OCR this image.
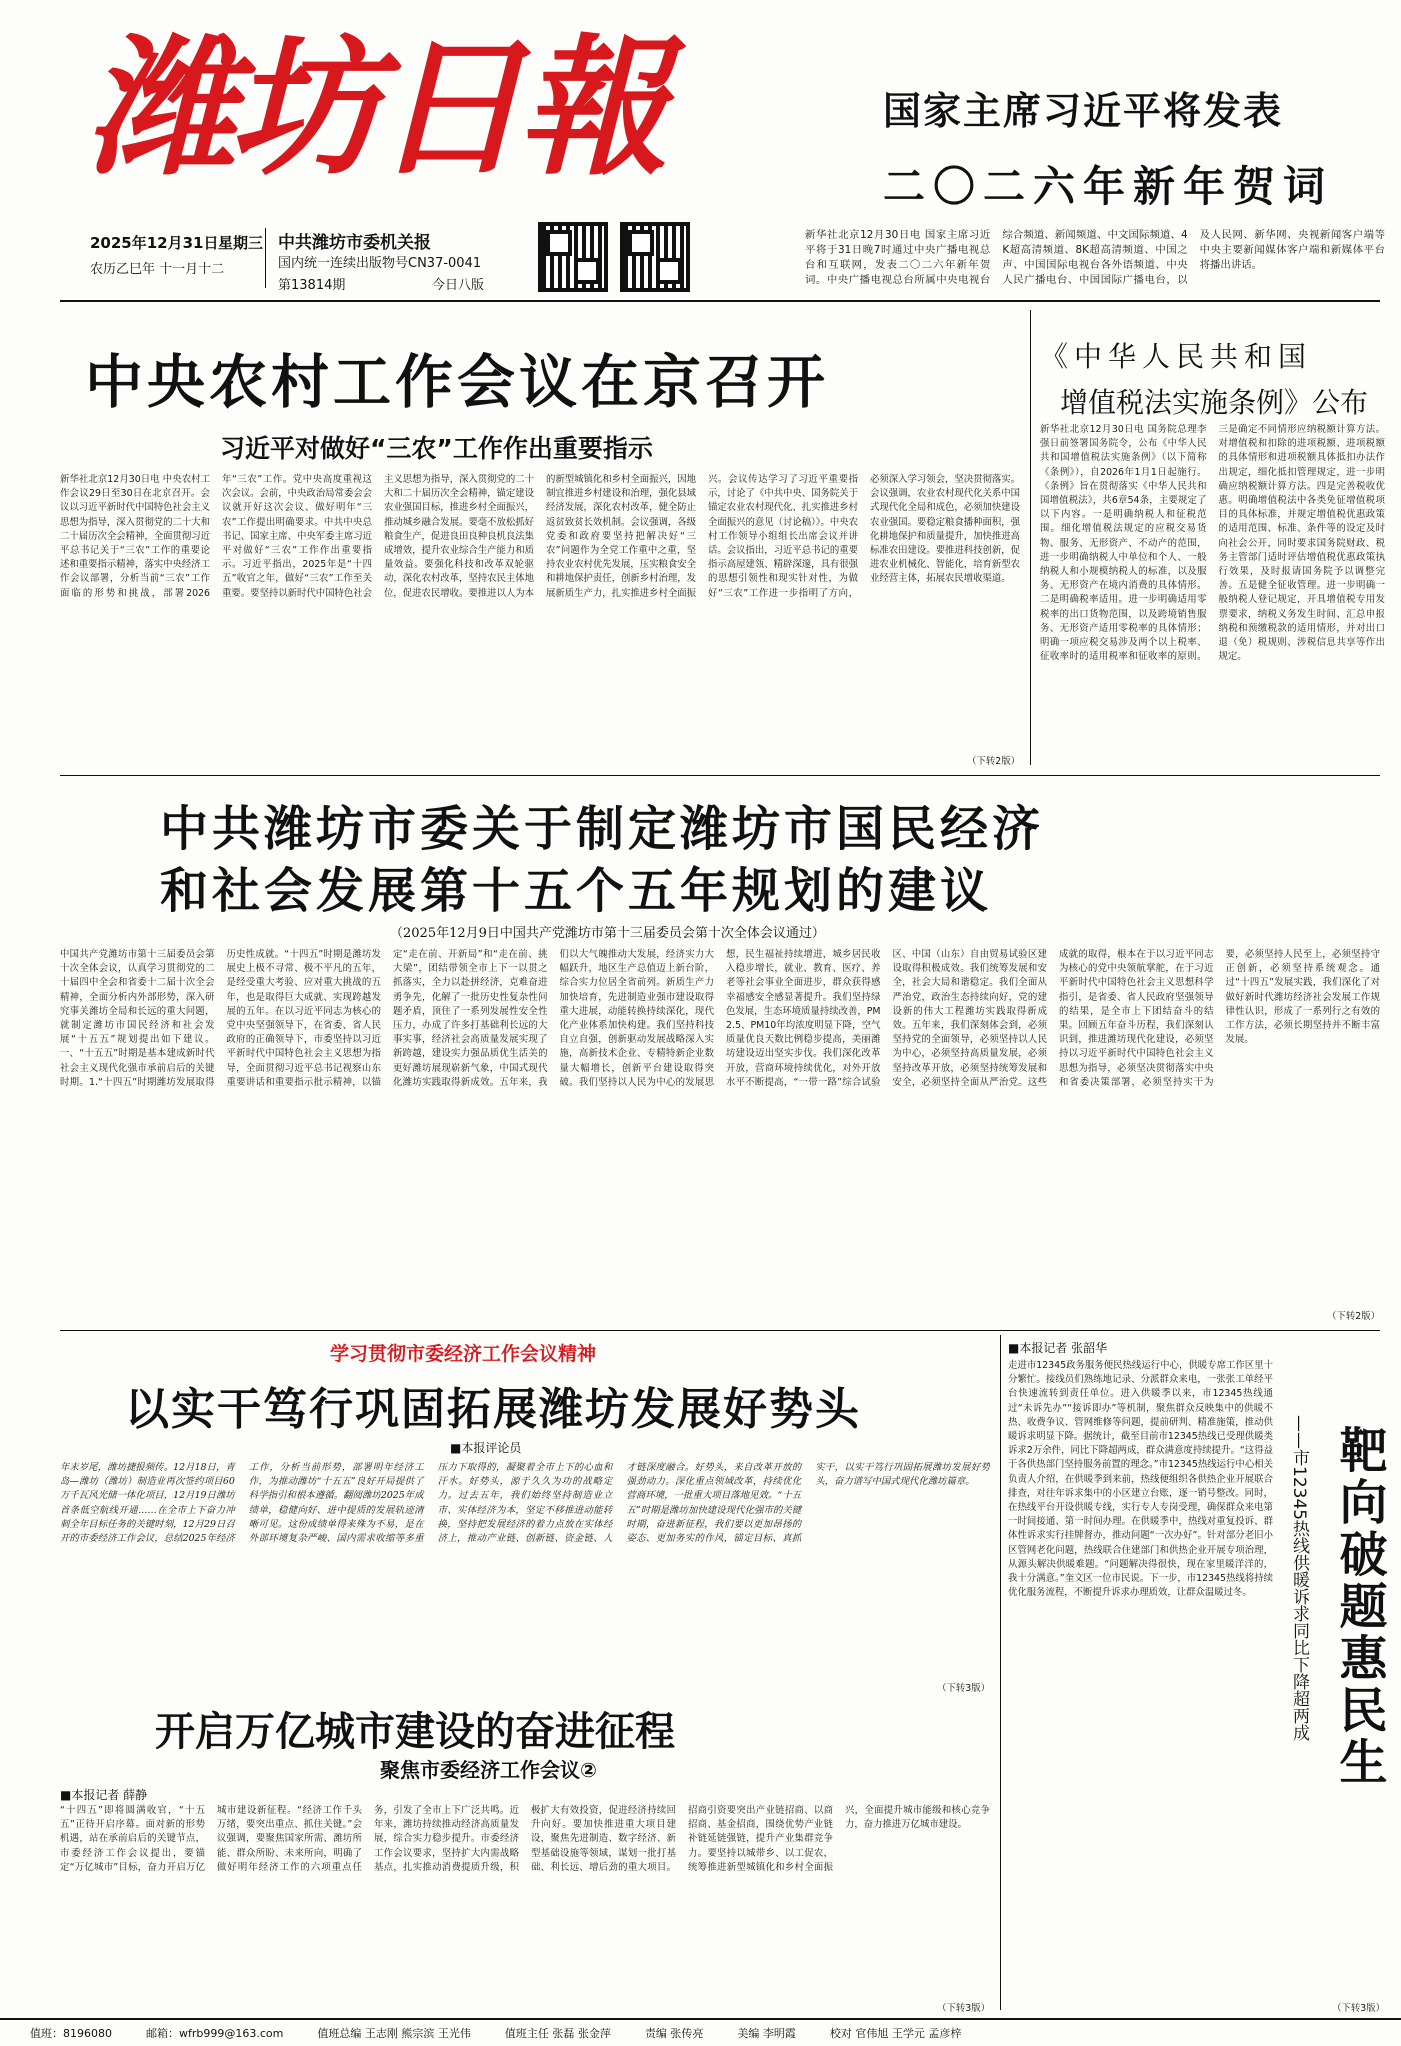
潍坊日報
2025年12月31日 星期三
农历乙巳年 十一月十二
中共潍坊市委机关报
国内统一连续出版物号CN37-0041
第13814期	今日八版
国家主席习近平将发表
二〇二六年新年贺词
新华社北京12月30日电 国家主席习近平将于31日晚7时通过中央广播电视总台和互联网，发表二〇二六年新年贺词。中央广播电视总台所属中央电视台综合频道、新闻频道、中文国际频道、4K超高清频道、8K超高清频道、中国之声、中国国际电视台各外语频道、中央人民广播电台、中国国际广播电台，以及人民网、新华网、央视新闻客户端等中央主要新闻媒体客户端和新媒体平台将播出讲话。
中央农村工作会议在京召开
习近平对做好“三农”工作作出重要指示
新华社北京12月30日电 中央农村工作会议29日至30日在北京召开。会议以习近平新时代中国特色社会主义思想为指导，深入贯彻党的二十大和二十届历次全会精神，全面贯彻习近平总书记关于“三农”工作的重要论述和重要指示精神，落实中央经济工作会议部署，分析当前“三农”工作面临的形势和挑战，部署2026年“三农”工作。党中央高度重视这次会议。会前，中央政治局常委会会议就开好这次会议、做好明年“三农”工作提出明确要求。中共中央总书记、国家主席、中央军委主席习近平对做好“三农”工作作出重要指示。习近平指出，2025年是“十四五”收官之年，做好“三农”工作至关重要。要坚持以新时代中国特色社会主义思想为指导，深入贯彻党的二十大和二十届历次全会精神，锚定建设农业强国目标，推进乡村全面振兴，推动城乡融合发展。要毫不放松抓好粮食生产，促进良田良种良机良法集成增效，提升农业综合生产能力和质量效益。要强化科技和改革双轮驱动，深化农村改革，坚持农民主体地位，促进农民增收。要推进以人为本的新型城镇化和乡村全面振兴，因地制宜推进乡村建设和治理，强化县域经济发展，深化农村改革，健全防止返贫致贫长效机制。会议强调，各级党委和政府要坚持把解决好“三农”问题作为全党工作重中之重，坚持农业农村优先发展，压实粮食安全和耕地保护责任，创新乡村治理，发展新质生产力，扎实推进乡村全面振兴。会议传达学习了习近平重要指示，讨论了《中共中央、国务院关于锚定农业农村现代化、扎实推进乡村全面振兴的意见（讨论稿）》。中央农村工作领导小组组长出席会议并讲话。会议指出，习近平总书记的重要指示高屋建瓴、精辟深邃，具有很强的思想引领性和现实针对性，为做好“三农”工作进一步指明了方向，必须深入学习领会，坚决贯彻落实。会议强调，农业农村现代化关系中国式现代化全局和成色，必须加快建设农业强国。要稳定粮食播种面积，强化耕地保护和质量提升，加快推进高标准农田建设。要推进科技创新，促进农业机械化、智能化，培育新型农业经营主体，拓展农民增收渠道。
（下转2版）
《中华人民共和国
增值税法实施条例》公布
新华社北京12月30日电 国务院总理李强日前签署国务院令，公布《中华人民共和国增值税法实施条例》（以下简称《条例》），自2026年1月1日起施行。《条例》旨在贯彻落实《中华人民共和国增值税法》，共6章54条，主要规定了以下内容。一是明确纳税人和征税范围。细化增值税法规定的应税交易货物、服务、无形资产、不动产的范围，进一步明确纳税人中单位和个人、一般纳税人和小规模纳税人的标准，以及服务、无形资产在境内消费的具体情形。二是明确税率适用。进一步明确适用零税率的出口货物范围，以及跨境销售服务、无形资产适用零税率的具体情形；明确一项应税交易涉及两个以上税率、征收率时的适用税率和征收率的原则。三是确定不同情形应纳税额计算方法。对增值税和扣除的进项税额、进项税额的具体情形和进项税额具体抵扣办法作出规定，细化抵扣管理规定，进一步明确应纳税额计算方法。四是完善税收优惠。明确增值税法中各类免征增值税项目的具体标准，并规定增值税优惠政策的适用范围、标准、条件等的设定及时向社会公开，同时要求国务院财政、税务主管部门适时评估增值税优惠政策执行效果，及时报请国务院予以调整完善。五是健全征收管理。进一步明确一般纳税人登记规定，开具增值税专用发票要求，纳税义务发生时间、汇总申报纳税和预缴税款的适用情形，并对出口退（免）税规则、涉税信息共享等作出规定。
中共潍坊市委关于制定潍坊市国民经济
和社会发展第十五个五年规划的建议
（2025年12月9日中国共产党潍坊市第十三届委员会第十次全体会议通过）
中国共产党潍坊市第十三届委员会第十次全体会议，认真学习贯彻党的二十届四中全会和省委十二届十次全会精神，全面分析内外部形势，深入研究事关潍坊全局和长远的重大问题，就制定潍坊市国民经济和社会发展“十五五”规划提出如下建议。一、“十五五”时期是基本建成新时代社会主义现代化强市承前启后的关键时期。1.“十四五”时期潍坊发展取得历史性成就。“十四五”时期是潍坊发展史上极不寻常、极不平凡的五年，是经受重大考验、应对重大挑战的五年，也是取得巨大成就、实现跨越发展的五年。在以习近平同志为核心的党中央坚强领导下，在省委、省人民政府的正确领导下，市委坚持以习近平新时代中国特色社会主义思想为指导，全面贯彻习近平总书记视察山东重要讲话和重要指示批示精神，以锚定“走在前、开新局”和“走在前、挑大梁”，团结带领全市上下一以贯之抓落实，全力以赴拼经济，克难奋进勇争先，化解了一批历史性复杂性问题矛盾，顶住了一系列发展性安全性压力，办成了许多打基础利长远的大事实事，经济社会高质量发展实现了新跨越，建设实力强品质优生活美的更好潍坊展现崭新气象，中国式现代化潍坊实践取得新成效。五年来，我们以大气魄推动大发展，经济实力大幅跃升，地区生产总值迈上新台阶，综合实力位居全省前列。新质生产力加快培育，先进制造业强市建设取得重大进展，动能转换持续深化，现代化产业体系加快构建。我们坚持科技自立自强，创新驱动发展战略深入实施，高新技术企业、专精特新企业数量大幅增长，创新平台建设取得突破。我们坚持以人民为中心的发展思想，民生福祉持续增进，城乡居民收入稳步增长，就业、教育、医疗、养老等社会事业全面进步，群众获得感幸福感安全感显著提升。我们坚持绿色发展，生态环境质量持续改善，PM2.5、PM10年均浓度明显下降，空气质量优良天数比例稳步提高，美丽潍坊建设迈出坚实步伐。我们深化改革开放，营商环境持续优化，对外开放水平不断提高，“一带一路”综合试验区、中国（山东）自由贸易试验区建设取得积极成效。我们统筹发展和安全，社会大局和谐稳定。我们全面从严治党，政治生态持续向好，党的建设新的伟大工程潍坊实践取得新成效。五年来，我们深刻体会到，必须坚持党的全面领导，必须坚持以人民为中心，必须坚持高质量发展，必须坚持改革开放，必须坚持统筹发展和安全，必须坚持全面从严治党。这些成就的取得，根本在于以习近平同志为核心的党中央领航掌舵，在于习近平新时代中国特色社会主义思想科学指引，是省委、省人民政府坚强领导的结果，是全市上下团结奋斗的结果。回顾五年奋斗历程，我们深刻认识到，推进潍坊现代化建设，必须坚持以习近平新时代中国特色社会主义思想为指导，必须坚决贯彻落实中央和省委决策部署，必须坚持实干为要，必须坚持人民至上，必须坚持守正创新，必须坚持系统观念。通过“十四五”发展实践，我们深化了对做好新时代潍坊经济社会发展工作规律性认识，形成了一系列行之有效的工作方法，必须长期坚持并不断丰富发展。
（下转2版）
学习贯彻市委经济工作会议精神
以实干笃行巩固拓展潍坊发展好势头
■本报评论员
年末岁尾，潍坊捷报频传。12月18日，青岛—潍坊（潍坊）制造业再次签约项目60万千瓦风光储一体化项目，12月19日潍坊首条低空航线开通……在全市上下奋力冲刺全年目标任务的关键时刻，12月29日召开的市委经济工作会议，总结2025年经济工作，分析当前形势，部署明年经济工作，为推动潍坊“十五五”良好开局提供了科学指引和根本遵循。翻阅潍坊2025年成绩单，稳健向好、进中提质的发展轨迹清晰可见。这份成绩单得来殊为不易，是在外部环境复杂严峻、国内需求收缩等多重压力下取得的，凝聚着全市上下的心血和汗水。好势头，源于久久为功的战略定力。过去五年，我们始终坚持制造业立市、实体经济为本，坚定不移推进动能转换，坚持把发展经济的着力点放在实体经济上，推动产业链、创新链、资金链、人才链深度融合。好势头，来自改革开放的强劲动力。深化重点领域改革，持续优化营商环境，一批重大项目落地见效。“十五五”时期是潍坊加快建设现代化强市的关键时期，奋进新征程，我们要以更加昂扬的姿态、更加务实的作风，锚定目标、真抓实干，以实干笃行巩固拓展潍坊发展好势头，奋力谱写中国式现代化潍坊篇章。
（下转3版）
开启万亿城市建设的奋进征程
聚焦市委经济工作会议②
■本报记者 薛静
“十四五”即将圆满收官，“十五五”正待开启序幕。面对新的形势机遇，站在承前启后的关键节点，市委经济工作会议提出，要锚定“万亿城市”目标，奋力开启万亿城市建设新征程。“经济工作千头万绪，要突出重点、抓住关键。”会议强调，要聚焦国家所需、潍坊所能、群众所盼、未来所向，明确了做好明年经济工作的六项重点任务，引发了全市上下广泛共鸣。近年来，潍坊持续推动经济高质量发展，综合实力稳步提升。市委经济工作会议要求，坚持扩大内需战略基点，扎实推动消费提质升级，积极扩大有效投资，促进经济持续回升向好。要加快推进重大项目建设，聚焦先进制造、数字经济、新型基础设施等领域，谋划一批打基础、利长远、增后劲的重大项目。招商引资要突出产业链招商、以商招商、基金招商，围绕优势产业链补链延链强链，提升产业集群竞争力。要坚持以城带乡、以工促农，统筹推进新型城镇化和乡村全面振兴，全面提升城市能级和核心竞争力，奋力推进万亿城市建设。
（下转3版）
■本报记者 张韶华
走进市12345政务服务便民热线运行中心，供暖专席工作区里十分繁忙。接线员们熟练地记录、分派群众来电，一张张工单经平台快速流转到责任单位。进入供暖季以来，市12345热线通过“未诉先办”“接诉即办”等机制，聚焦群众反映集中的供暖不热、收费争议、管网维修等问题，提前研判、精准施策，推动供暖诉求明显下降。据统计，截至目前市12345热线已受理供暖类诉求2万余件，同比下降超两成，群众满意度持续提升。“这得益于各供热部门坚持服务前置的理念。”市12345热线运行中心相关负责人介绍，在供暖季到来前，热线便组织各供热企业开展联合排查，对往年诉求集中的小区建立台账，逐一销号整改。同时，在热线平台开设供暖专线，实行专人专岗受理，确保群众来电第一时间接通、第一时间办理。在供暖季中，热线对重复投诉、群体性诉求实行挂牌督办，推动问题“一次办好”。针对部分老旧小区管网老化问题，热线联合住建部门和供热企业开展专项治理，从源头解决供暖难题。“问题解决得很快，现在家里暖洋洋的，我十分满意。”奎文区一位市民说。下一步，市12345热线将持续优化服务流程，不断提升诉求办理质效，让群众温暖过冬。	靶向破题惠民生
——市12345热线供暖诉求同比下降超两成
（下转3版）
值班：8196080	邮箱：wfrb999@163.com	值班总编 王志刚 熊宗滨 王光伟	值班主任 张磊 张金萍	责编 张传亮	美编 李明霞	校对 官伟旭 王学元 孟彦梓
